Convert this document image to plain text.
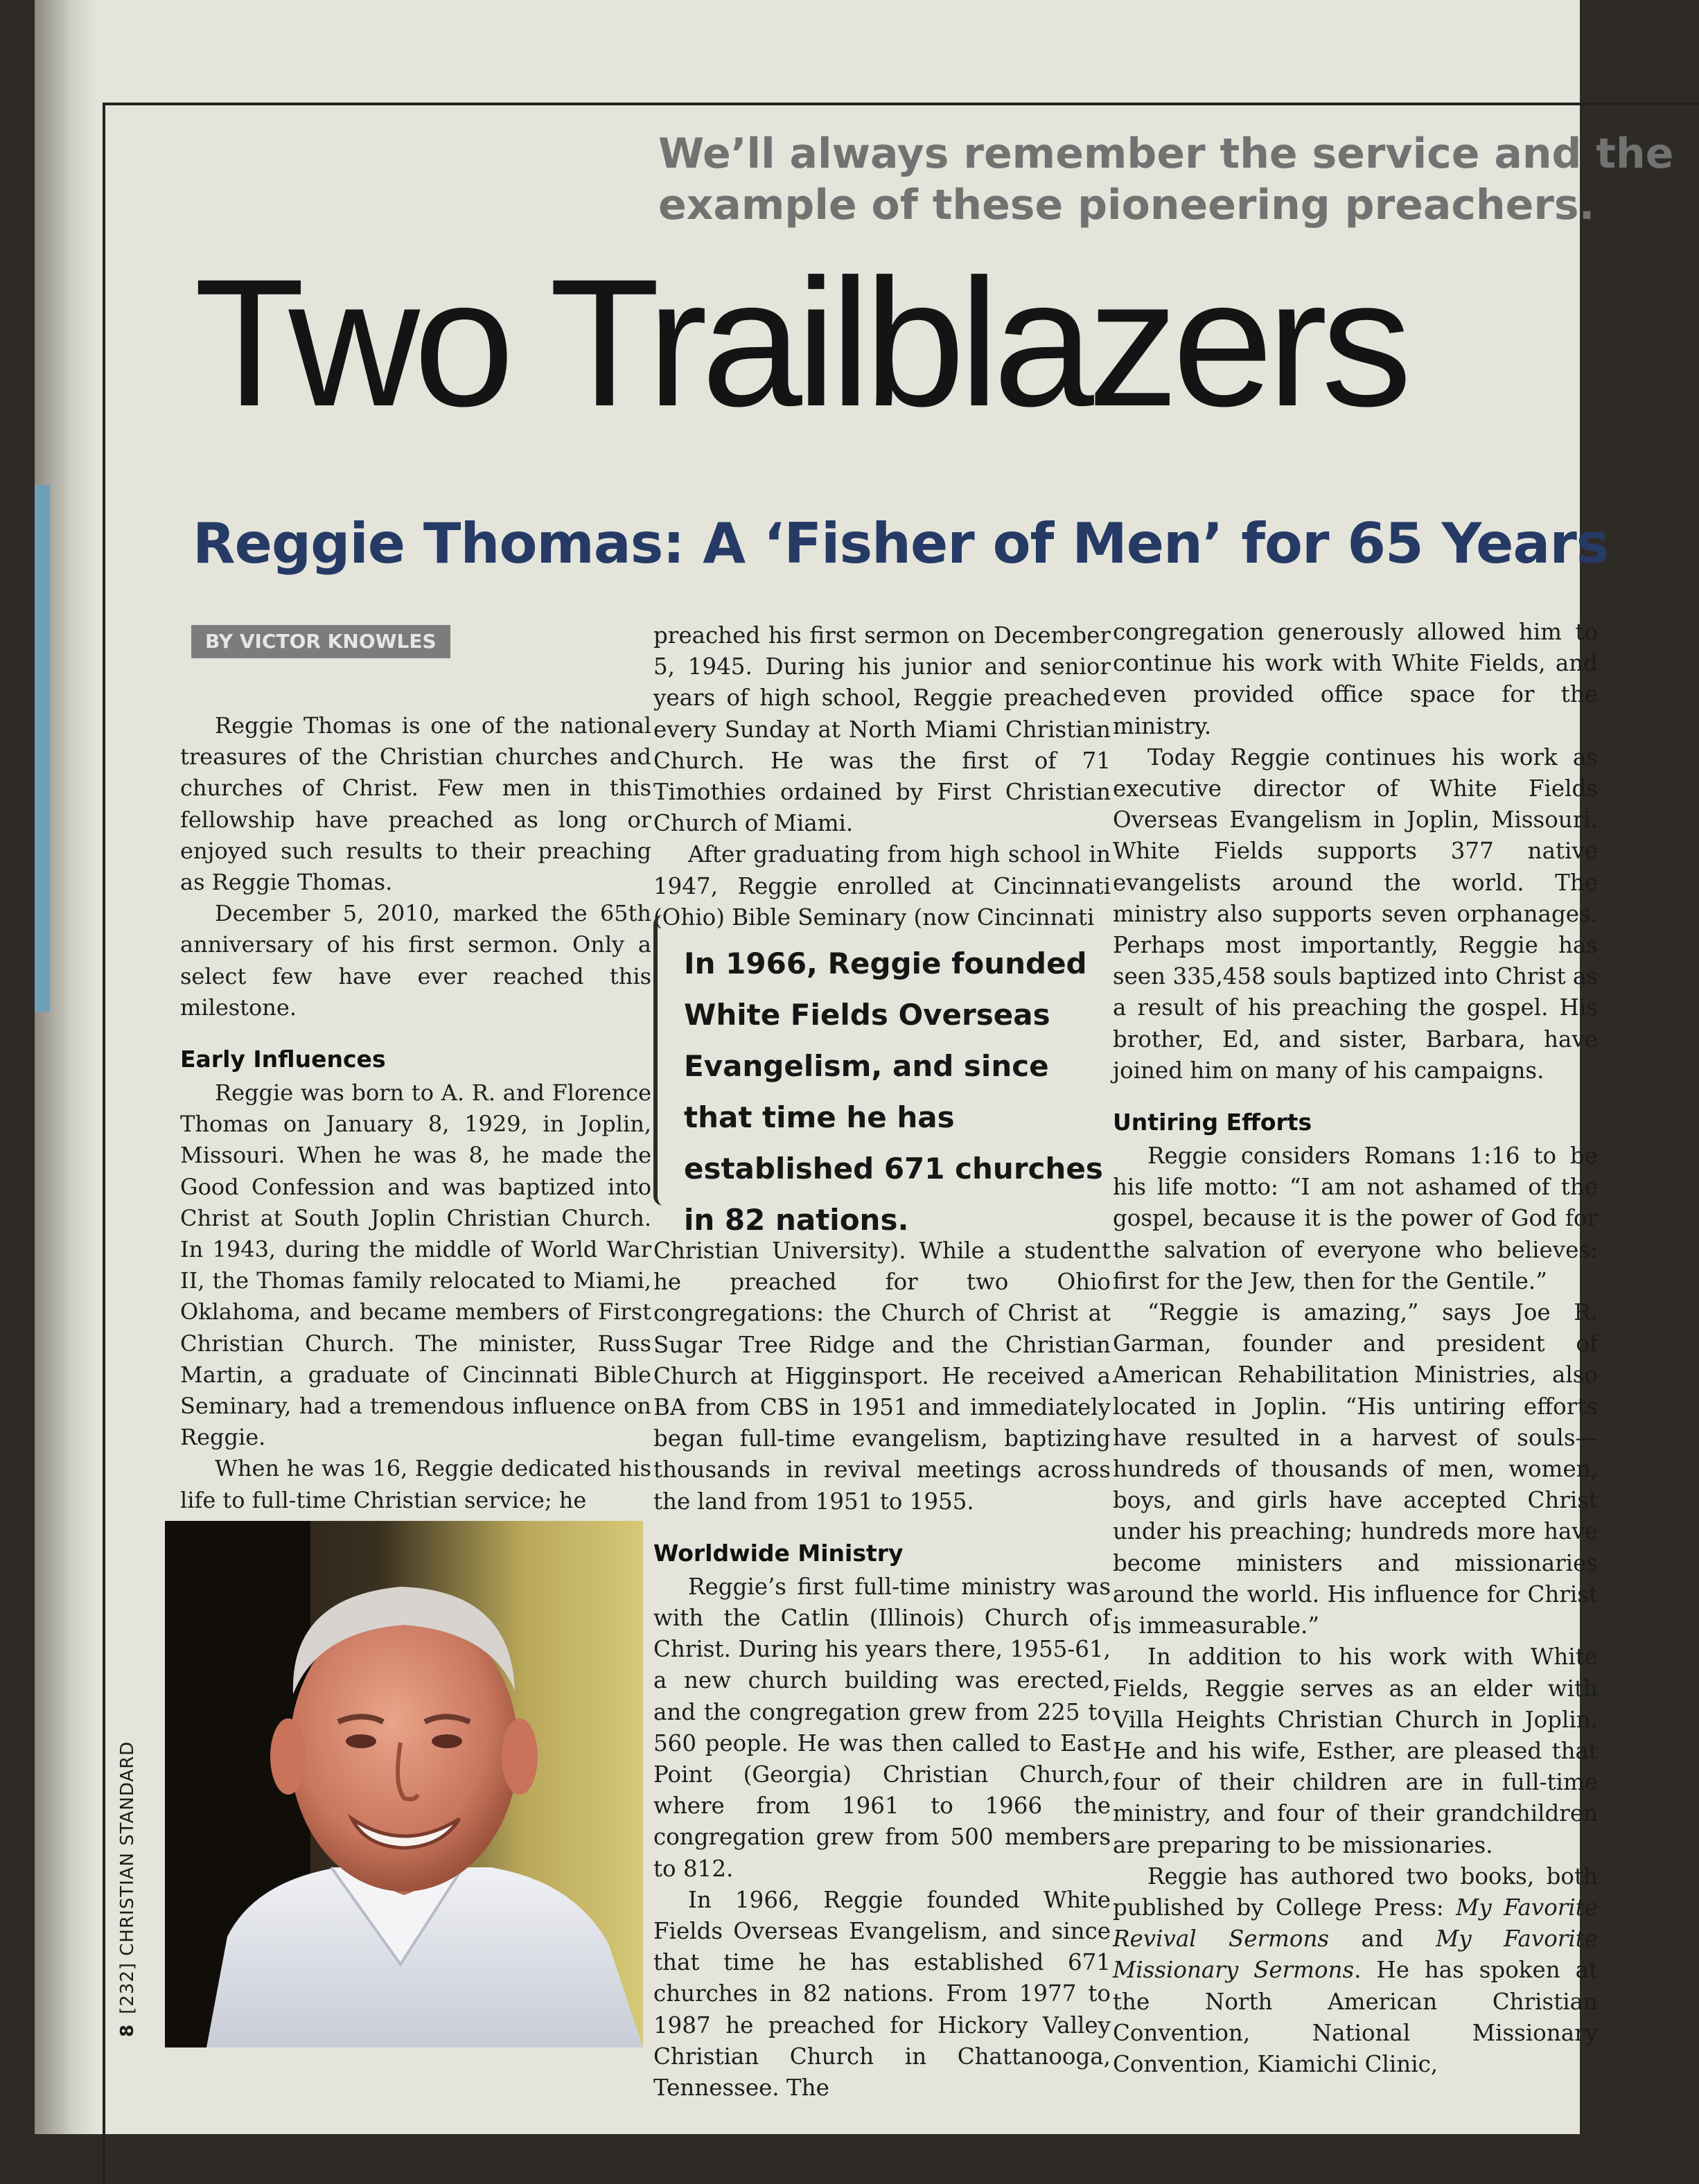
We’ll always remember the service and the
example of these pioneering preachers.
Two Trailblazers
Reggie Thomas: A ‘Fisher of Men’ for 65 Years
BY VICTOR KNOWLES

Reggie Thomas is one of the national treasures of the Christian churches and churches of Christ. Few men in this fellowship have preached as long or enjoyed such results to their preaching as Reggie Thomas.

December 5, 2010, marked the 65th anniversary of his first sermon. Only a select few have ever reached this milestone.

Early Influences

Reggie was born to A. R. and Florence Thomas on January 8, 1929, in Joplin, Missouri. When he was 8, he made the Good Confession and was baptized into Christ at South Joplin Christian Church. In 1943, during the middle of World War II, the Thomas family relocated to Miami, Oklahoma, and became members of First Christian Church. The minister, Russ Martin, a graduate of Cincinnati Bible Seminary, had a tremendous influence on Reggie.

When he was 16, Reggie dedicated his life to full-time Christian service; he

preached his first sermon on December 5, 1945. During his junior and senior years of high school, Reggie preached every Sunday at North Miami Christian Church. He was the first of 71 Timothies ordained by First Christian Church of Miami.

After graduating from high school in 1947, Reggie enrolled at Cincinnati (Ohio) Bible Seminary (now Cincinnati

In 1966, Reggie founded White Fields Overseas Evangelism, and since that time he has established 671 churches in 82 nations.

Christian University). While a student he preached for two Ohio congregations: the Church of Christ at Sugar Tree Ridge and the Christian Church at Higginsport. He received a BA from CBS in 1951 and immediately began full-time evangelism, baptizing thousands in revival meetings across the land from 1951 to 1955.

Worldwide Ministry

Reggie’s first full-time ministry was with the Catlin (Illinois) Church of Christ. During his years there, 1955-61, a new church building was erected, and the congregation grew from 225 to 560 people. He was then called to East Point (Georgia) Christian Church, where from 1961 to 1966 the congregation grew from 500 members to 812.

In 1966, Reggie founded White Fields Overseas Evangelism, and since that time he has established 671 churches in 82 nations. From 1977 to 1987 he preached for Hickory Valley Christian Church in Chattanooga, Tennessee. The

congregation generously allowed him to continue his work with White Fields, and even provided office space for the ministry.

Today Reggie continues his work as executive director of White Fields Overseas Evangelism in Joplin, Missouri. White Fields supports 377 native evangelists around the world. The ministry also supports seven orphanages. Perhaps most importantly, Reggie has seen 335,458 souls baptized into Christ as a result of his preaching the gospel. His brother, Ed, and sister, Barbara, have joined him on many of his campaigns.

Untiring Efforts

Reggie considers Romans 1:16 to be his life motto: “I am not ashamed of the gospel, because it is the power of God for the salvation of everyone who believes: first for the Jew, then for the Gentile.”

“Reggie is amazing,” says Joe R. Garman, founder and president of American Rehabilitation Ministries, also located in Joplin. “His untiring efforts have resulted in a harvest of souls—hundreds of thousands of men, women, boys, and girls have accepted Christ under his preaching; hundreds more have become ministers and missionaries around the world. His influence for Christ is immeasurable.”

In addition to his work with White Fields, Reggie serves as an elder with Villa Heights Christian Church in Joplin. He and his wife, Esther, are pleased that four of their children are in full-time ministry, and four of their grandchildren are preparing to be missionaries.

Reggie has authored two books, both published by College Press: My Favorite Revival Sermons and My Favorite Missionary Sermons. He has spoken at the North American Christian Convention, National Missionary Convention, Kiamichi Clinic,

8[232] CHRISTIAN STANDARD
